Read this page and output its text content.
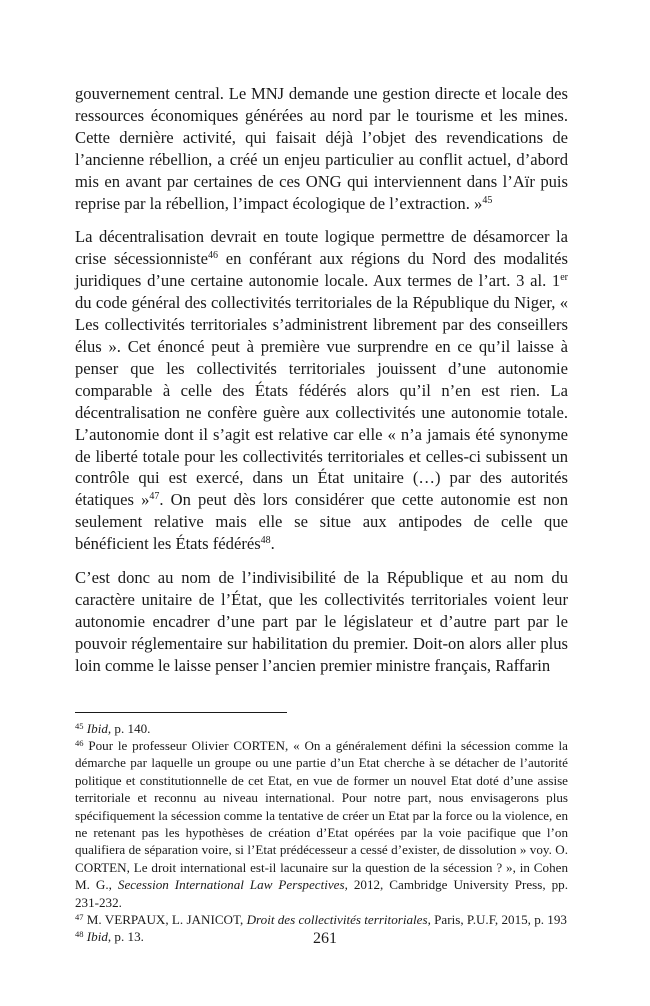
gouvernement central. Le MNJ demande une gestion directe et locale des ressources économiques générées au nord par le tourisme et les mines. Cette dernière activité, qui faisait déjà l’objet des revendications de l’ancienne rébellion, a créé un enjeu particulier au conflit actuel, d’abord mis en avant par certaines de ces ONG qui interviennent dans l’Aïr puis reprise par la rébellion, l’impact écologique de l’extraction. »$^{45}$

La décentralisation devrait en toute logique permettre de désamorcer la crise sécessionniste$^{46}$ en conférant aux régions du Nord des modalités juridiques d’une certaine autonomie locale. Aux termes de l’art. 3 al. 1er du code général des collectivités territoriales de la République du Niger, « Les collectivités territoriales s’administrent librement par des conseillers élus ». Cet énoncé peut à première vue surprendre en ce qu’il laisse à penser que les collectivités territoriales jouissent d’une autonomie comparable à celle des États fédérés alors qu’il n’en est rien. La décentralisation ne confère guère aux collectivités une autonomie totale. L’autonomie dont il s’agit est relative car elle « n’a jamais été synonyme de liberté totale pour les collectivités territoriales et celles-ci subissent un contrôle qui est exercé, dans un État unitaire (…) par des autorités étatiques »$^{47}$. On peut dès lors considérer que cette autonomie est non seulement relative mais elle se situe aux antipodes de celle que bénéficient les États fédérés$^{48}$.

C’est donc au nom de l’indivisibilité de la République et au nom du caractère unitaire de l’État, que les collectivités territoriales voient leur autonomie encadrer d’une part par le législateur et d’autre part par le pouvoir réglementaire sur habilitation du premier. Doit-on alors aller plus loin comme le laisse penser l’ancien premier ministre français, Raffarin

$^{45}$ Ibid, p. 140.

$^{46}$ Pour le professeur Olivier CORTEN, « On a généralement défini la sécession comme la démarche par laquelle un groupe ou une partie d’un Etat cherche à se détacher de l’autorité politique et constitutionnelle de cet Etat, en vue de former un nouvel Etat doté d’une assise territoriale et reconnu au niveau international. Pour notre part, nous envisagerons plus spécifiquement la sécession comme la tentative de créer un Etat par la force ou la violence, en ne retenant pas les hypothèses de création d’Etat opérées par la voie pacifique que l’on qualifiera de séparation voire, si l’Etat prédécesseur a cessé d’exister, de dissolution » voy. O. CORTEN, Le droit international est-il lacunaire sur la question de la sécession ? », in Cohen M. G., Secession International Law Perspectives, 2012, Cambridge University Press, pp. 231-232.

$^{47}$ M. VERPAUX, L. JANICOT, Droit des collectivités territoriales, Paris, P.U.F, 2015, p. 193

$^{48}$ Ibid, p. 13.	261
